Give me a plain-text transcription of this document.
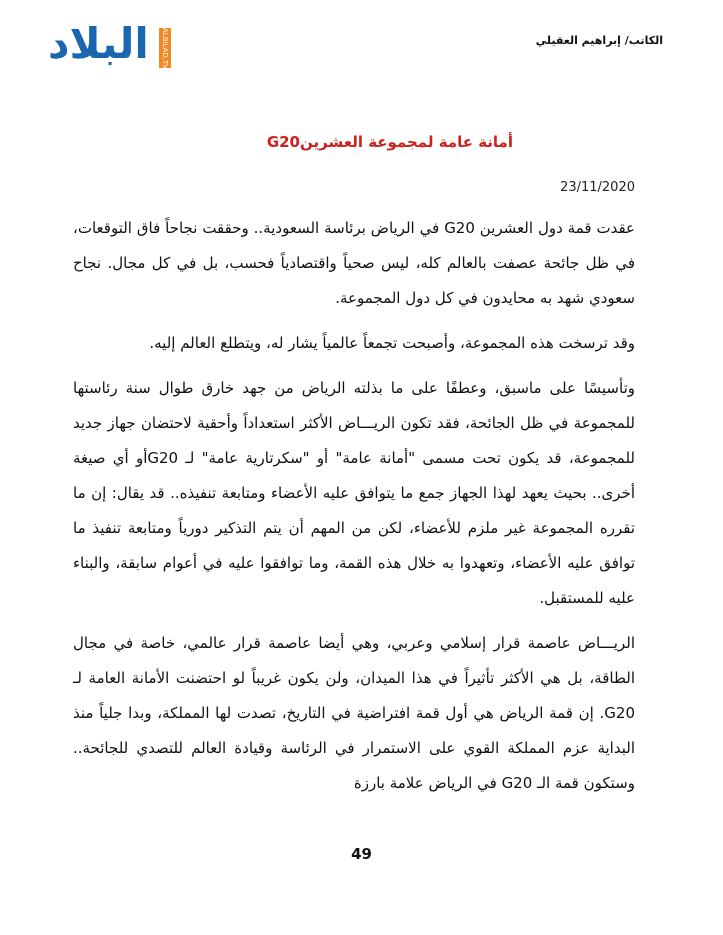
البلاد	ALBILAD.TV	الكاتب/ إبراهيم العقيلي
أمانة عامة لمجموعة العشرينG20
23/11/2020

عقدت قمة دول العشرين G20 في الرياض برئاسة السعودية.. وحققت نجاحاً فاق التوقعات، في ظل جائحة عصفت بالعالم كله، ليس صحياً واقتصادياً فحسب، بل في كل مجال. نجاح سعودي شهد به محايدون في كل دول المجموعة.

وقد ترسخت هذه المجموعة، وأصبحت تجمعاً عالمياً يشار له، ويتطلع العالم إليه.

وتأسيسًا على ماسبق، وعطفًا على ما بذلته الرياض من جهد خارق طوال سنة رئاستها للمجموعة في ظل الجائحة، فقد تكون الريـــاض الأكثر استعداداً وأحقية لاحتضان جهاز جديد للمجموعة، قد يكون تحت مسمى "أمانة عامة" أو "سكرتارية عامة" لـ G20أو أي صيغة أخرى.. بحيث يعهد لهذا الجهاز جمع ما يتوافق عليه الأعضاء ومتابعة تنفيذه.. قد يقال: إن ما تقرره المجموعة غير ملزم للأعضاء، لكن من المهم أن يتم التذكير دورياً ومتابعة تنفيذ ما توافق عليه الأعضاء، وتعهدوا به خلال هذه القمة، وما توافقوا عليه في أعوام سابقة، والبناء عليه للمستقبل.

الريـــاض عاصمة قرار إسلامي وعربي، وهي أيضا عاصمة قرار عالمي، خاصة في مجال الطاقة، بل هي الأكثر تأثيراً في هذا الميدان، ولن يكون غريباً لو احتضنت الأمانة العامة لـ G20. إن قمة الرياض هي أول قمة افتراضية في التاريخ، تصدت لها المملكة، وبدا جلياً منذ البداية عزم المملكة القوي على الاستمرار في الرئاسة وقيادة العالم للتصدي للجائحة.. وستكون قمة الـ G20 في الرياض علامة بارزة

49
